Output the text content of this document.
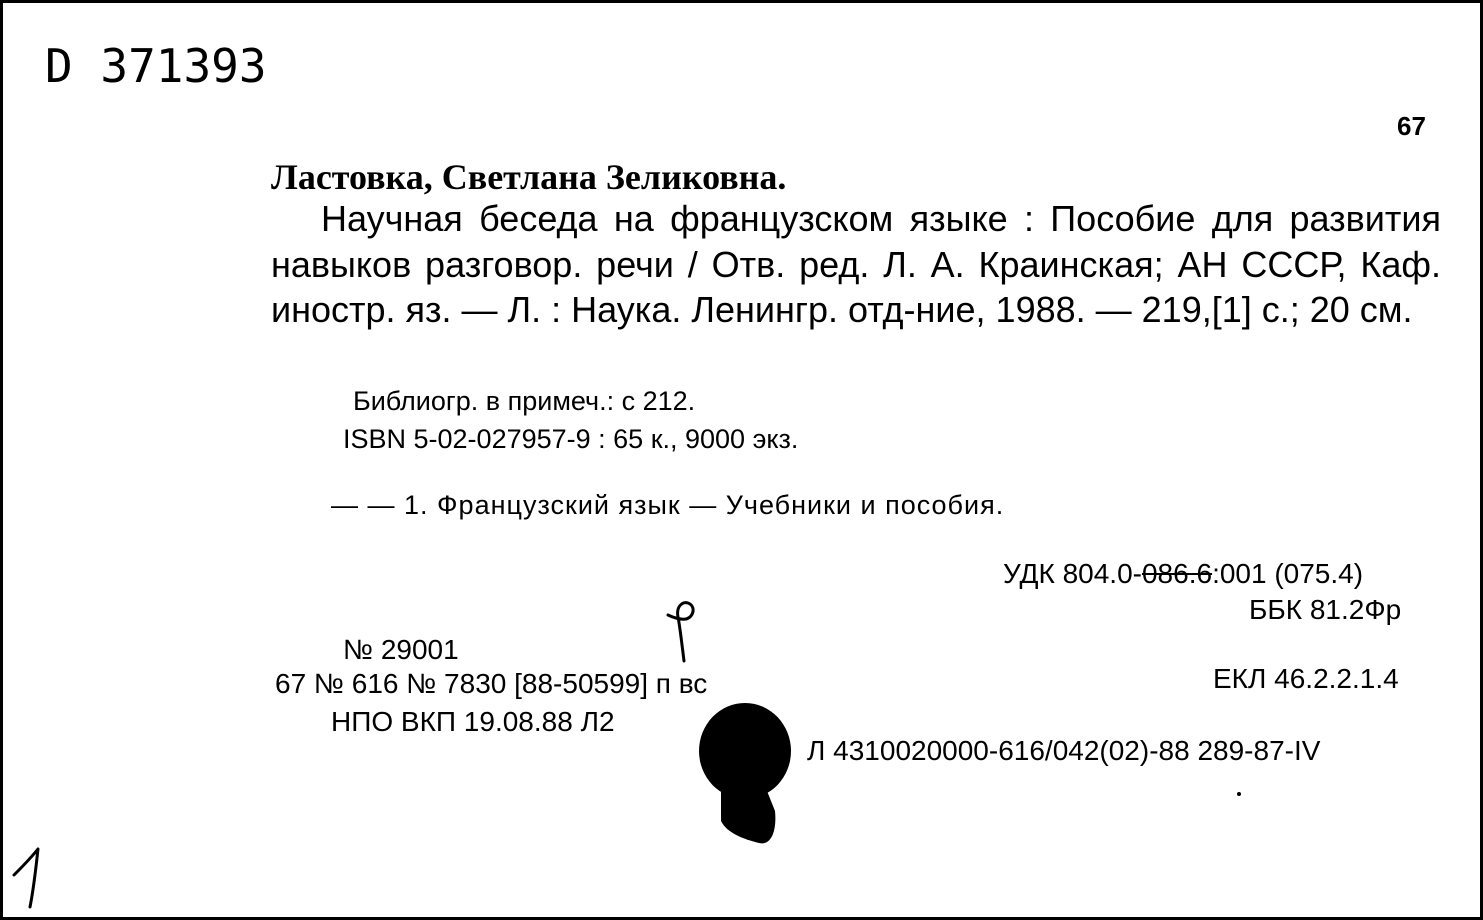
D 371393
67
Ластовка, Светлана Зеликовна.
Научная беседа на французском языке : Пособие для развития навыков разговор. речи / Отв. ред. Л. А. Краинская; АН СССР, Каф. иностр. яз. — Л. : Наука. Ленингр. отд-ние, 1988. — 219,[1] с.; 20 см.
Библиогр. в примеч.: с 212.
ISBN 5-02-027957-9 : 65 к., 9000 экз.
— — 1. Французский язык — Учебники и пособия.
УДК 804.0-086.6:001 (075.4)
ББК 81.2Фр
№ 29001
67 № 616 № 7830 [88-50599] п вс
НПО ВКП 19.08.88 Л2
ЕКЛ 46.2.2.1.4
Л 4310020000-616/042(02)-88 289-87-IV
